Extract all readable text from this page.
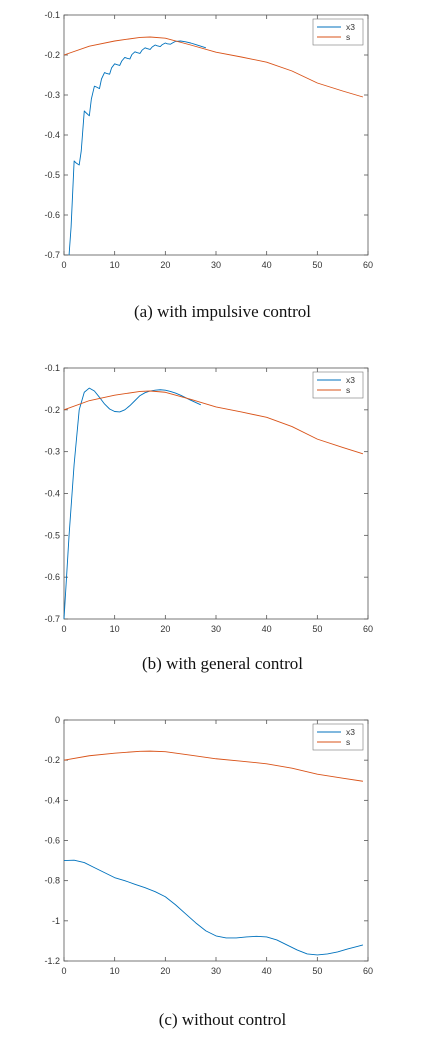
0	10	20	30	40	50	60
-0.7
-0.6
-0.5
-0.4
-0.3
-0.2
-0.1
x3
s
(a) with impulsive control
0	10	20	30	40	50	60
-0.7
-0.6
-0.5
-0.4
-0.3
-0.2
-0.1
x3
s
(b) with general control
0	10	20	30	40	50	60
-1.2
-1
-0.8
-0.6
-0.4
-0.2
0
x3
s
(c) without control
